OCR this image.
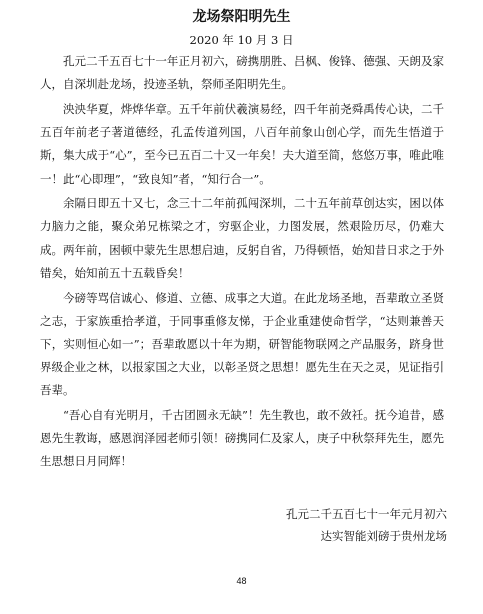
龙场祭阳明先生
2020 年 10 月 3 日

孔元二千五百七十一年正月初六，磅携朋胜、吕枫、俊锋、德强、天朗及家人，自深圳赴龙场，投迹圣轨，祭师圣阳明先生。

泱泱华夏，烨烨华章。五千年前伏羲演易经，四千年前尧舜禹传心诀，二千五百年前老子著道德经，孔孟传道列国，八百年前象山创心学，而先生悟道于斯，集大成于“心”，至今已五百二十又一年矣！夫大道至简，悠悠万事，唯此唯一！此“心即理”，“致良知”者，“知行合一”。

余隔日即五十又七，念三十二年前孤闯深圳，二十五年前草创达实，困以体力脑力之能，聚众弟兄栋梁之才，穷驱企业，力图发展，然艰险历尽，仍难大成。两年前，困顿中蒙先生思想启迪，反躬自省，乃得顿悟，始知昔日求之于外错矣，始知前五十五载昏矣！

今磅等骂信诚心、修道、立德、成事之大道。在此龙场圣地，吾辈敢立圣贤之志，于家族重拾孝道，于同事重修友悌，于企业重建使命哲学，“达则兼善天下，实则恒心如一”；吾辈敢愿以十年为期，研智能物联网之产品服务，跻身世界级企业之林，以报家国之大业，以彰圣贤之思想！愿先生在天之灵，见证指引吾辈。

“吾心自有光明月，千古团圆永无缺”！先生教也，敢不敛祍。抚今追昔，感恩先生教诲，感恩润泽园老师引领！磅携同仁及家人，庚子中秋祭拜先生，愿先生思想日月同辉！

孔元二千五百七十一年元月初六
达实智能刘磅于贵州龙场
48
